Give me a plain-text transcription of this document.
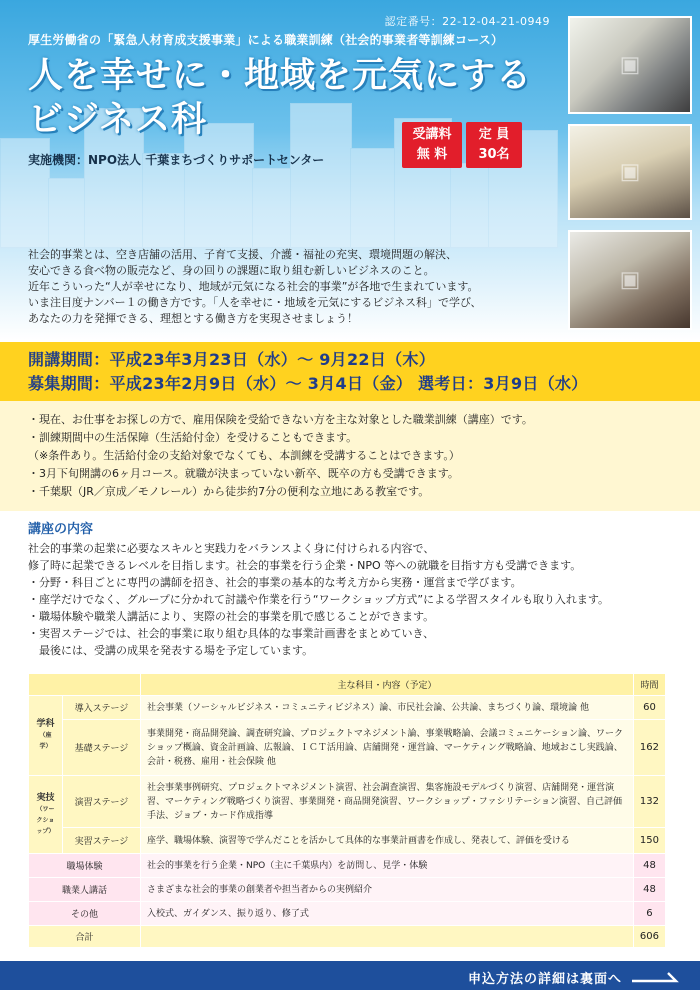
認定番号：22-12-04-21-0949
厚生労働省の「緊急人材育成支援事業」による職業訓練（社会的事業者等訓練コース）
人を幸せに・地域を元気にする
ビジネス科	受講料
無 料
定 員
30名
実施機関：NPO法人 千葉まちづくりサポートセンター
▣
▣
▣
社会的事業とは、空き店舗の活用、子育て支援、介護・福祉の充実、環境問題の解決、
安心できる食べ物の販売など、身の回りの課題に取り組む新しいビジネスのこと。
近年こういった“人が幸せになり、地域が元気になる社会的事業”が各地で生まれています。
いま注目度ナンバー１の働き方です。「人を幸せに・地域を元気にするビジネス科」で学び、
あなたの力を発揮できる、理想とする働き方を実現させましょう！
開講期間：平成23年3月23日（水）～ 9月22日（木）
募集期間：平成23年2月9日（水）～ 3月4日（金） 選考日：3月9日（水）
・現在、お仕事をお探しの方で、雇用保険を受給できない方を主な対象とした職業訓練（講座）です。
・訓練期間中の生活保障（生活給付金）を受けることもできます。
（※条件あり。生活給付金の支給対象でなくても、本訓練を受講することはできます。）
・3月下旬開講の6ヶ月コース。就職が決まっていない新卒、既卒の方も受講できます。
・千葉駅（JR／京成／モノレール）から徒歩約7分の便利な立地にある教室です。
講座の内容
社会的事業の起業に必要なスキルと実践力をバランスよく身に付けられる内容で、
修了時に起業できるレベルを目指します。社会的事業を行う企業・NPO 等への就職を目指す方も受講できます。
・分野・科目ごとに専門の講師を招き、社会的事業の基本的な考え方から実務・運営まで学びます。
・座学だけでなく、グループに分かれて討議や作業を行う“ワークショップ方式”による学習スタイルも取り入れます。
・職場体験や職業人講話により、実際の社会的事業を肌で感じることができます。
・実習ステージでは、社会的事業に取り組む具体的な事業計画書をまとめていき、
　最後には、受講の成果を発表する場を予定しています。
		主な科目・内容（予定）	時間
学科
（座学）	導入ステージ	社会事業（ソーシャルビジネス・コミュニティビジネス）論、市民社会論、公共論、まちづくり論、環境論 他	60
	基礎ステージ	事業開発・商品開発論、調査研究論、プロジェクトマネジメント論、事業戦略論、会議コミュニケーション論、ワークショップ概論、資金計画論、広報論、ＩＣＴ活用論、店舗開発・運営論、マーケティング戦略論、地域おこし実践論、会計・税務、雇用・社会保険 他	162
実技
（ワークショップ）	演習ステージ	社会事業事例研究、プロジェクトマネジメント演習、社会調査演習、集客施設モデルづくり演習、店舗開発・運営演習、マーケティング戦略づくり演習、事業開発・商品開発演習、ワークショップ・ファシリテーション演習、自己評価手法、ジョブ・カード作成指導	132
	実習ステージ	座学、職場体験、演習等で学んだことを活かして具体的な事業計画書を作成し、発表して、評価を受ける	150
職場体験		社会的事業を行う企業・NPO（主に千葉県内）を訪問し、見学・体験	48
職業人講話		さまざまな社会的事業の創業者や担当者からの実例紹介	48
その他		入校式、ガイダンス、振り返り、修了式	6
合計			606
申込方法の詳細は裏面へ
